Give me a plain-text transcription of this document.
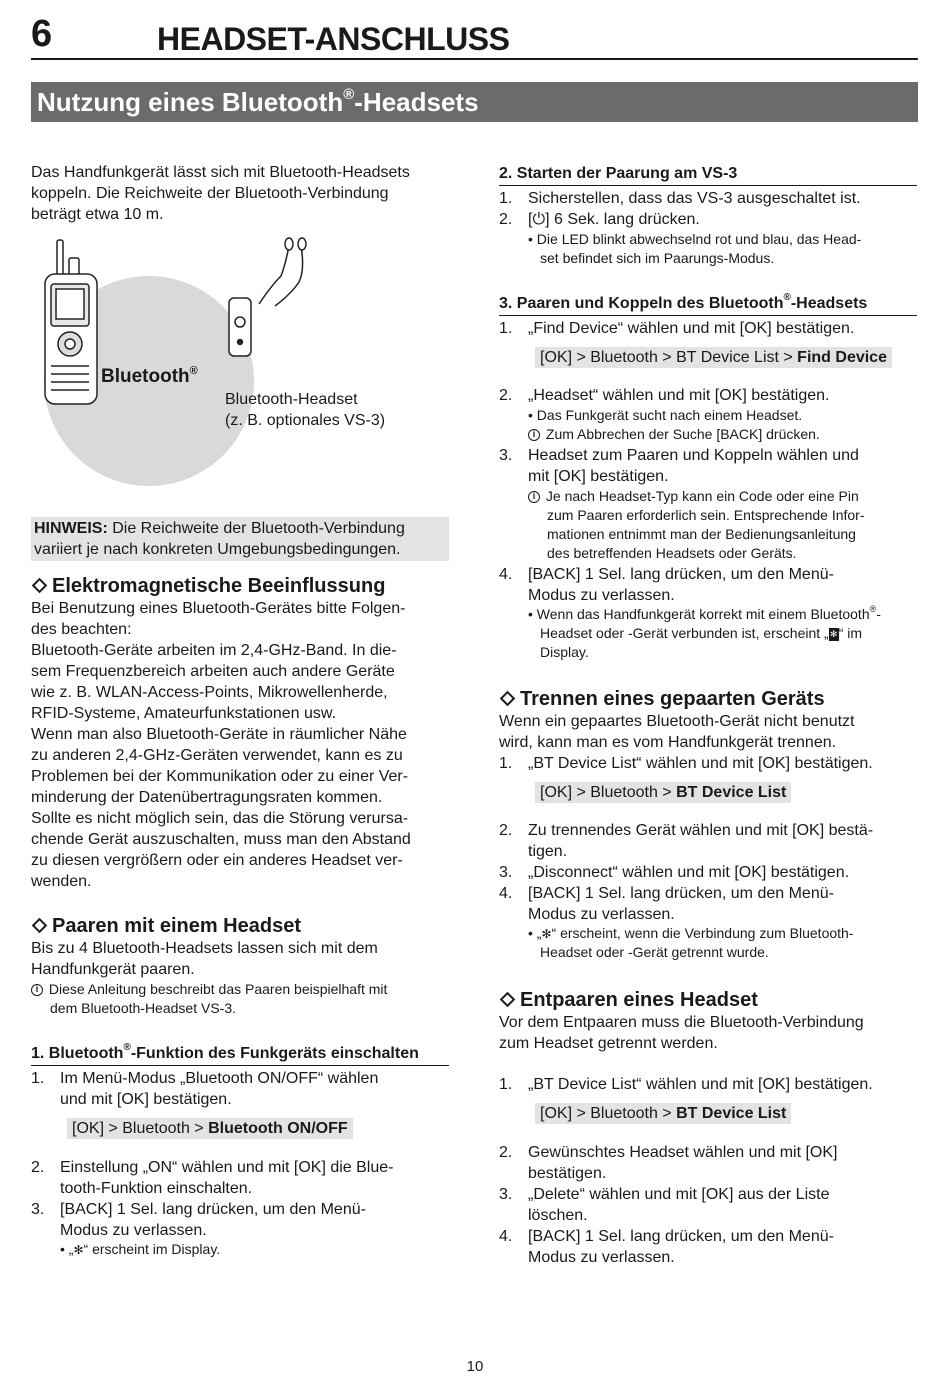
6	HEADSET-ANSCHLUSS
Nutzung eines Bluetooth®-Headsets

Das Handfunkgerät lässt sich mit Bluetooth-Headsets

koppeln. Die Reichweite der Bluetooth-Verbindung

beträgt etwa 10 m.

Bluetooth®

Bluetooth-Headset

(z. B. optionales VS-3)

HINWEIS: Die Reichweite der Bluetooth-Verbindung

variiert je nach konkreten Umgebungsbedingungen.

Elektromagnetische Beeinflussung

Bei Benutzung eines Bluetooth-Gerätes bitte Folgen-

des beachten:

Bluetooth-Geräte arbeiten im 2,4-GHz-Band. In die-

sem Frequenzbereich arbeiten auch andere Geräte

wie z. B. WLAN-Access-Points, Mikrowellenherde,

RFID-Systeme, Amateurfunkstationen usw.

Wenn man also Bluetooth-Geräte in räumlicher Nähe

zu anderen 2,4-GHz-Geräten verwendet, kann es zu

Problemen bei der Kommunikation oder zu einer Ver-

minderung der Datenübertragungsraten kommen.

Sollte es nicht möglich sein, das die Störung verursa-

chende Gerät auszuschalten, muss man den Abstand

zu diesen vergrößern oder ein anderes Headset ver-

wenden.

Paaren mit einem Headset

Bis zu 4 Bluetooth-Headsets lassen sich mit dem

Handfunkgerät paaren.

i Diese Anleitung beschreibt das Paaren beispielhaft mit

dem Bluetooth-Headset VS-3.

1. Bluetooth®-Funktion des Funkgeräts einschalten
1. Im Menü-Modus „Bluetooth ON/OFF“ wählen
und mit [OK] bestätigen.
[OK] > Bluetooth > Bluetooth ON/OFF
2. Einstellung „ON“ wählen und mit [OK] die Blue-
tooth-Funktion einschalten.
3. [BACK] 1 Sel. lang drücken, um den Menü-
Modus zu verlassen.
• „✻“ erscheint im Display.
2. Starten der Paarung am VS-3
1. Sicherstellen, dass das VS-3 ausgeschaltet ist.
2. [⏻] 6 Sek. lang drücken.
• Die LED blinkt abwechselnd rot und blau, das Head-
set befindet sich im Paarungs-Modus.
3. Paaren und Koppeln des Bluetooth®-Headsets
1. „Find Device“ wählen und mit [OK] bestätigen.
[OK] > Bluetooth > BT Device List > Find Device
2. „Headset“ wählen und mit [OK] bestätigen.
• Das Funkgerät sucht nach einem Headset.
i Zum Abbrechen der Suche [BACK] drücken.
3. Headset zum Paaren und Koppeln wählen und
mit [OK] bestätigen.
i Je nach Headset-Typ kann ein Code oder eine Pin
zum Paaren erforderlich sein. Entsprechende Infor-
mationen entnimmt man der Bedienungsanleitung
des betreffenden Headsets oder Geräts.
4. [BACK] 1 Sel. lang drücken, um den Menü-
Modus zu verlassen.
• Wenn das Handfunkgerät korrekt mit einem Bluetooth®-
Headset oder -Gerät verbunden ist, erscheint „✻“ im
Display.
Trennen eines gepaarten Geräts

Wenn ein gepaartes Bluetooth-Gerät nicht benutzt

wird, kann man es vom Handfunkgerät trennen.

1. „BT Device List“ wählen und mit [OK] bestätigen.
[OK] > Bluetooth > BT Device List
2. Zu trennendes Gerät wählen und mit [OK] bestä-
tigen.
3. „Disconnect“ wählen und mit [OK] bestätigen.
4. [BACK] 1 Sel. lang drücken, um den Menü-
Modus zu verlassen.
• „✻“ erscheint, wenn die Verbindung zum Bluetooth-
Headset oder -Gerät getrennt wurde.
Entpaaren eines Headset

Vor dem Entpaaren muss die Bluetooth-Verbindung

zum Headset getrennt werden.

1. „BT Device List“ wählen und mit [OK] bestätigen.
[OK] > Bluetooth > BT Device List
2. Gewünschtes Headset wählen und mit [OK]
bestätigen.
3. „Delete“ wählen und mit [OK] aus der Liste
löschen.
4. [BACK] 1 Sel. lang drücken, um den Menü-
Modus zu verlassen.
10
